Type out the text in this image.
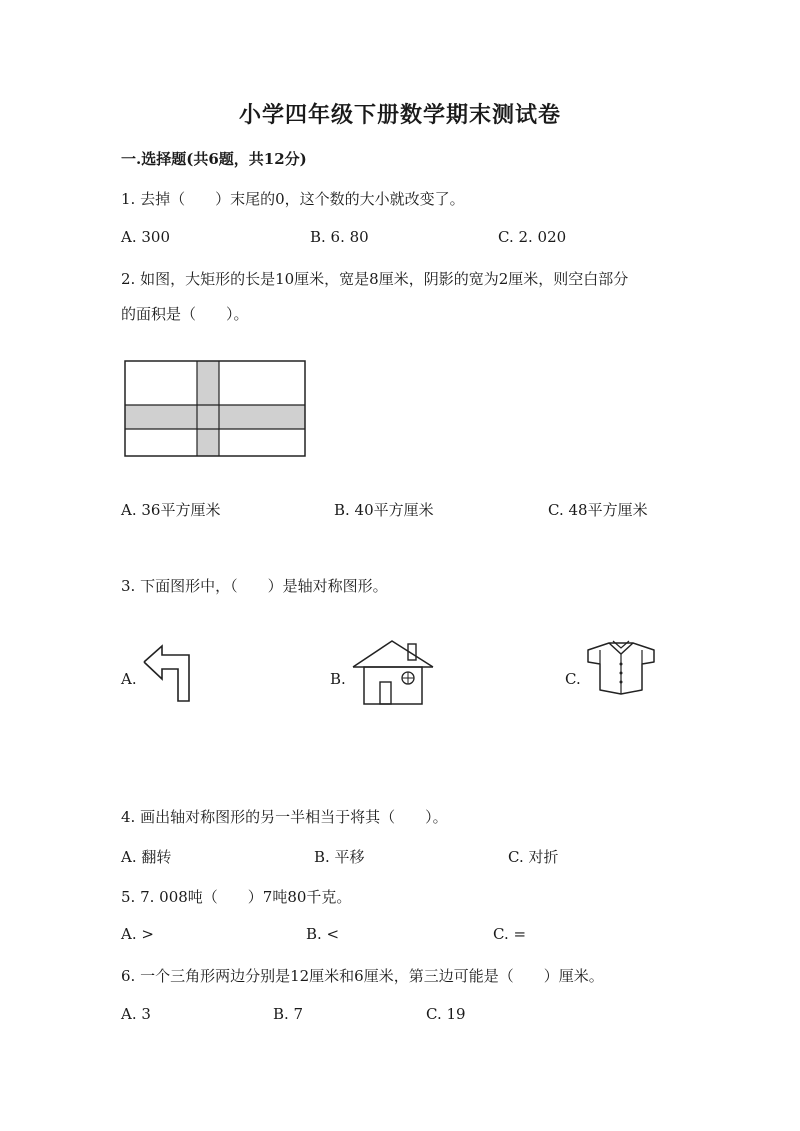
小学四年级下册数学期末测试卷
一.选择题(共6题，共12分)
1. 去掉（　　）末尾的0，这个数的大小就改变了。
A. 300	B. 6. 80	C. 2. 020
2. 如图，大矩形的长是10厘米，宽是8厘米，阴影的宽为2厘米，则空白部分
的面积是（　　）。
A. 36平方厘米	B. 40平方厘米	C. 48平方厘米
3. 下面图形中，（　　）是轴对称图形。
A.	B.	C.
4. 画出轴对称图形的另一半相当于将其（　　）。
A. 翻转	B. 平移	C. 对折
5. 7. 008吨（　　）7吨80千克。
A. >	B. <	C. =
6. 一个三角形两边分别是12厘米和6厘米，第三边可能是（　　）厘米。
A. 3	B. 7	C. 19
